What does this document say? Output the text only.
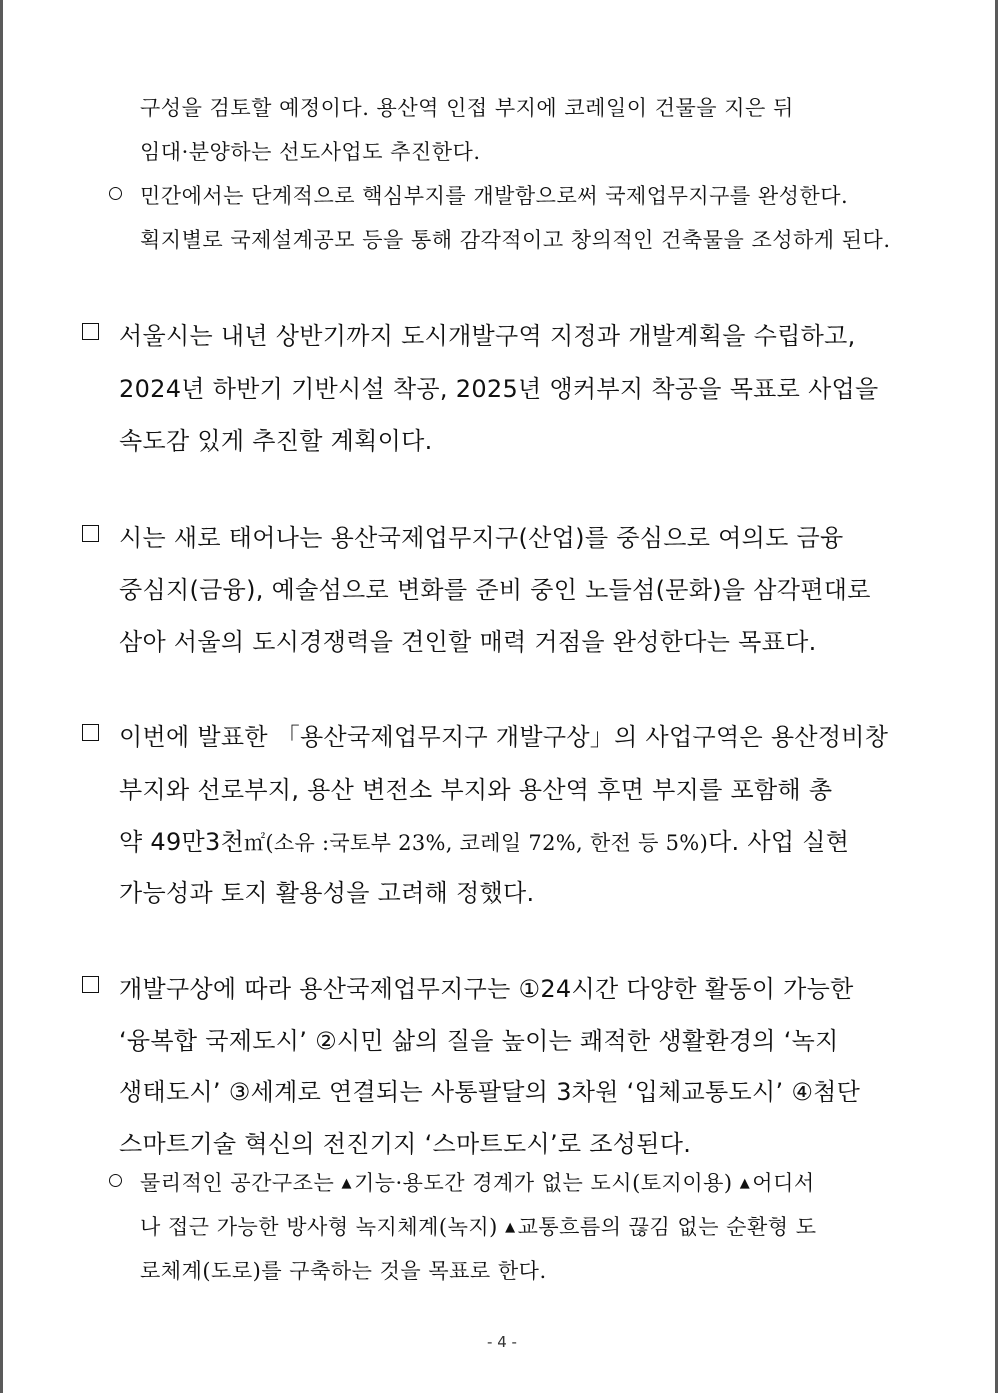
구성을 검토할 예정이다. 용산역 인접 부지에 코레일이 건물을 지은 뒤
임대·분양하는 선도사업도 추진한다.
민간에서는 단계적으로 핵심부지를 개발함으로써 국제업무지구를 완성한다.
획지별로 국제설계공모 등을 통해 감각적이고 창의적인 건축물을 조성하게 된다.
서울시는 내년 상반기까지 도시개발구역 지정과 개발계획을 수립하고,
2024년 하반기 기반시설 착공, 2025년 앵커부지 착공을 목표로 사업을
속도감 있게 추진할 계획이다.
시는 새로 태어나는 용산국제업무지구(산업)를 중심으로 여의도 금융
중심지(금융), 예술섬으로 변화를 준비 중인 노들섬(문화)을 삼각편대로
삼아 서울의 도시경쟁력을 견인할 매력 거점을 완성한다는 목표다.
이번에 발표한 「용산국제업무지구 개발구상」의 사업구역은 용산정비창
부지와 선로부지, 용산 변전소 부지와 용산역 후면 부지를 포함해 총
약 49만3천㎡(소유 :국토부 23%, 코레일 72%, 한전 등 5%)다. 사업 실현
가능성과 토지 활용성을 고려해 정했다.
개발구상에 따라 용산국제업무지구는 ①24시간 다양한 활동이 가능한
‘융복합 국제도시’ ②시민 삶의 질을 높이는 쾌적한 생활환경의 ‘녹지
생태도시’ ③세계로 연결되는 사통팔달의 3차원 ‘입체교통도시’ ④첨단
스마트기술 혁신의 전진기지 ‘스마트도시’로 조성된다.
물리적인 공간구조는 ▲기능·용도간 경계가 없는 도시(토지이용) ▲어디서
나 접근 가능한 방사형 녹지체계(녹지) ▲교통흐름의 끊김 없는 순환형 도
로체계(도로)를 구축하는 것을 목표로 한다.
- 4 -
